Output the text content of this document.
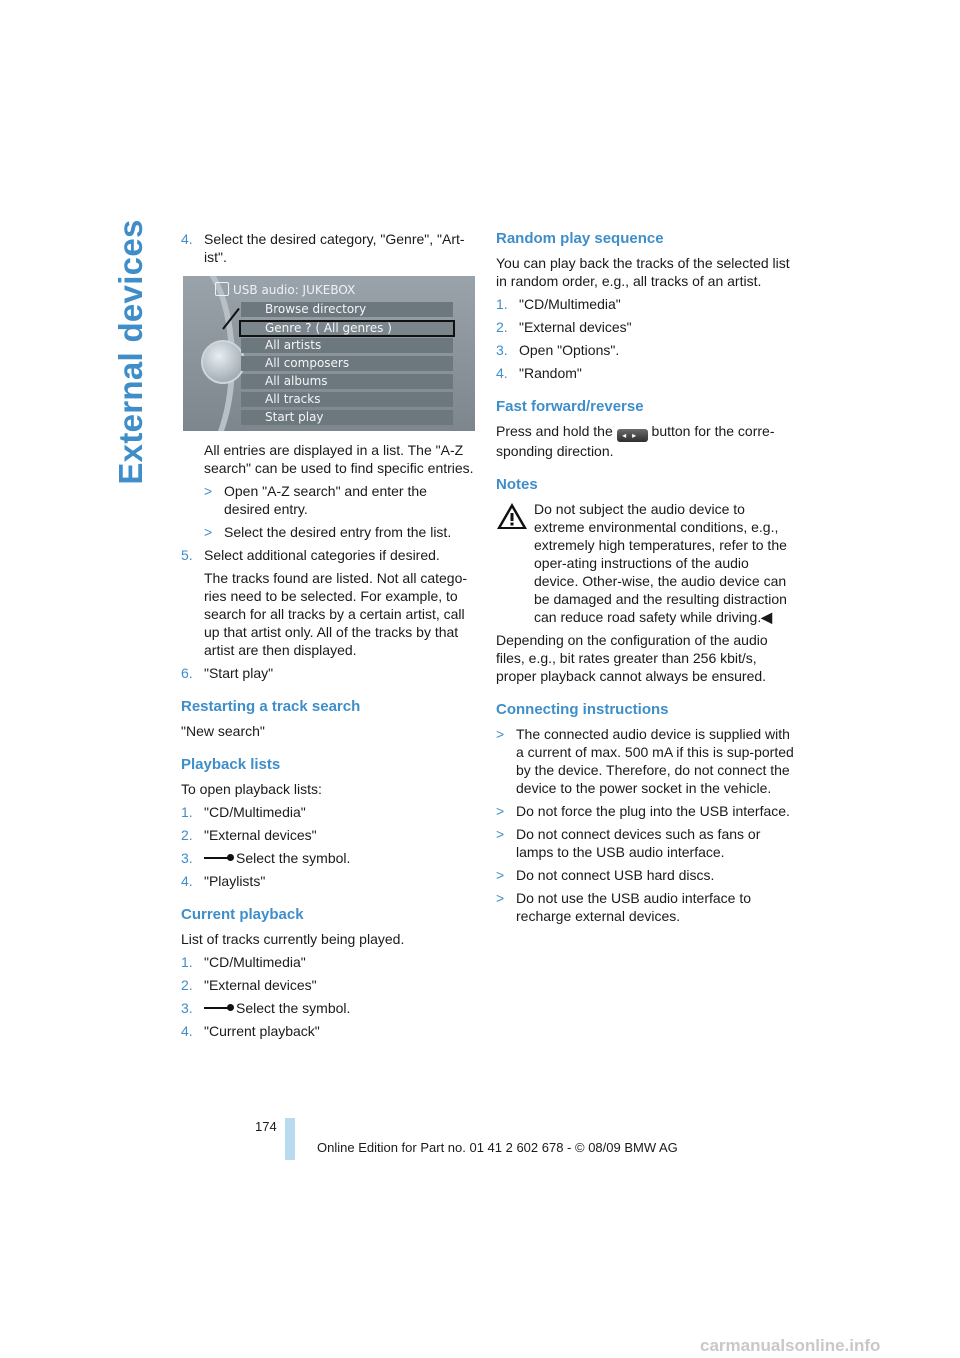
External devices 4. Select the desired category, "Genre", "Art-ist".
USB audio: JUKEBOX
Browse directory
Genre ? ( All genres )
All artists
All composers
All albums
All tracks
Start play

All entries are displayed in a list. The "A-Z search" can be used to find specific entries.

> Open "A-Z search" and enter the desired entry.
> Select the desired entry from the list.
5. Select additional categories if desired.

The tracks found are listed. Not all catego-ries need to be selected. For example, to search for all tracks by a certain artist, call up that artist only. All of the tracks by that artist are then displayed.

6. "Start play"
Restarting a track search

"New search"

Playback lists

To open playback lists:

1. "CD/Multimedia"
2. "External devices"
3.	Select the symbol.
4. "Playlists"
Current playback

List of tracks currently being played.

1. "CD/Multimedia"
2. "External devices"
3.	Select the symbol.
4. "Current playback"
Random play sequence

You can play back the tracks of the selected list in random order, e.g., all tracks of an artist.

1. "CD/Multimedia"
2. "External devices"
3. Open "Options".
4. "Random"
Fast forward/reverse

Press and hold the ◂▸ button for the corre-sponding direction.

Notes
Do not subject the audio device to extreme environmental conditions, e.g., extremely high temperatures, refer to the oper-ating instructions of the audio device. Other-wise, the audio device can be damaged and the resulting distraction can reduce road safety while driving.◀

Depending on the configuration of the audio files, e.g., bit rates greater than 256 kbit/s, proper playback cannot always be ensured.

Connecting instructions
> The connected audio device is supplied with a current of max. 500 mA if this is sup-ported by the device. Therefore, do not connect the device to the power socket in the vehicle.
> Do not force the plug into the USB interface.
> Do not connect devices such as fans or lamps to the USB audio interface.
> Do not connect USB hard discs.
> Do not use the USB audio interface to recharge external devices.
174
Online Edition for Part no. 01 41 2 602 678 - © 08/09 BMW AG
carmanualsonline.info
